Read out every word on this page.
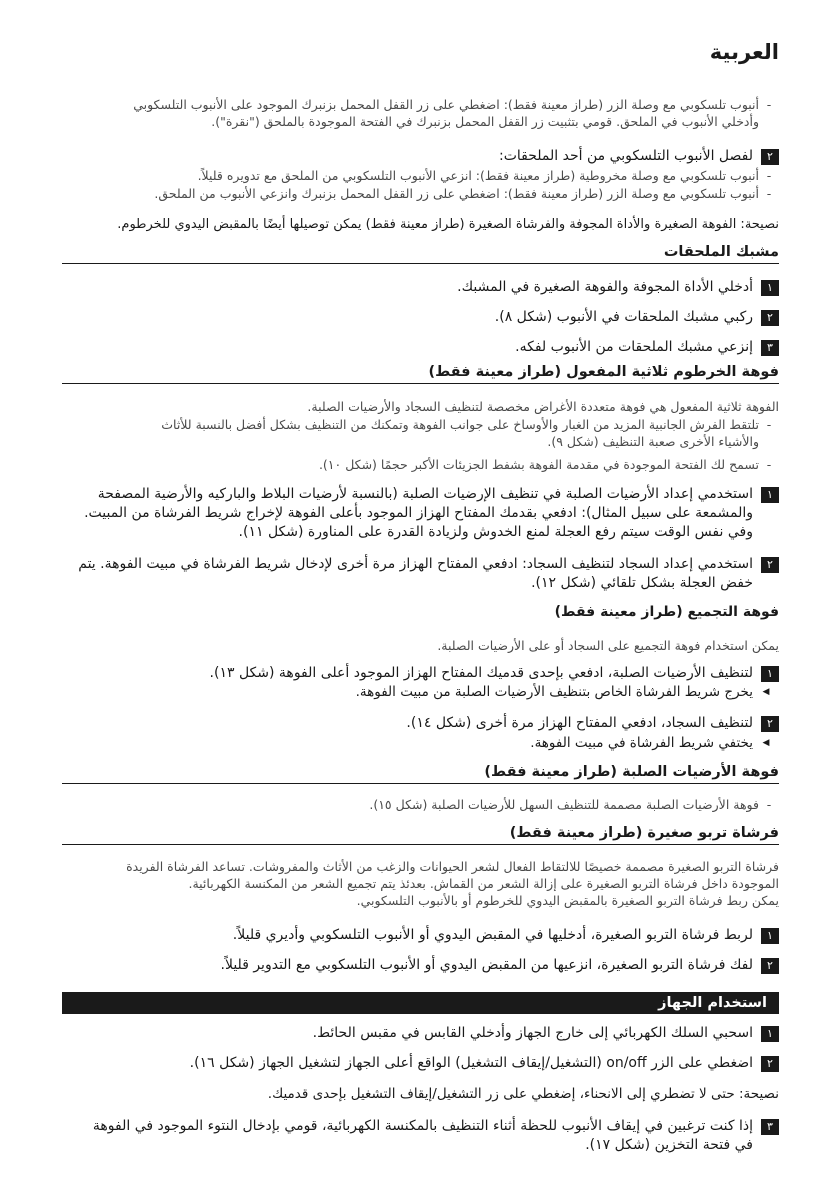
العربية
-
أنبوب تلسكوبي مع وصلة الزر (طراز معينة فقط): اضغطي على زر القفل المحمل بزنبرك الموجود على الأنبوب التلسكوبي
وأدخلي الأنبوب في الملحق. قومي بتثبيت زر القفل المحمل بزنبرك في الفتحة الموجودة بالملحق ("نقرة").
٢
لفصل الأنبوب التلسكوبي من أحد الملحقات:
-
أنبوب تلسكوبي مع وصلة مخروطية (طراز معينة فقط): انزعي الأنبوب التلسكوبي من الملحق مع تدويره قليلاً.
-
أنبوب تلسكوبي مع وصلة الزر (طراز معينة فقط): اضغطي على زر القفل المحمل بزنبرك وانزعي الأنبوب من الملحق.

نصيحة: الفوهة الصغيرة والأداة المجوفة والفرشاة الصغيرة (طراز معينة فقط) يمكن توصيلها أيضًا بالمقبض اليدوي للخرطوم.

مشبك الملحقات
١
أدخلي الأداة المجوفة والفوهة الصغيرة في المشبك.
٢
ركبي مشبك الملحقات في الأنبوب (شكل ٨).
٣
إنزعي مشبك الملحقات من الأنبوب لفكه.
فوهة الخرطوم ثلاثية المفعول (طراز معينة فقط)

الفوهة ثلاثية المفعول هي فوهة متعددة الأغراض مخصصة لتنظيف السجاد والأرضيات الصلبة.

-
تلتقط الفرش الجانبية المزيد من الغبار والأوساخ على جوانب الفوهة وتمكنك من التنظيف بشكل أفضل بالنسبة للأثاث
والأشياء الأخرى صعبة التنظيف (شكل ٩).
-
تسمح لك الفتحة الموجودة في مقدمة الفوهة بشفط الجزيئات الأكبر حجمًا (شكل ١٠).
١
استخدمي إعداد الأرضيات الصلبة في تنظيف الإرضيات الصلبة (بالنسبة لأرضيات البلاط والباركيه والأرضية المصفحة
والمشمعة على سبيل المثال): ادفعي بقدمك المفتاح الهزاز الموجود بأعلى الفوهة لإخراج شريط الفرشاة من المبيت.
وفي نفس الوقت سيتم رفع العجلة لمنع الخدوش ولزيادة القدرة على المناورة (شكل ١١).
٢
استخدمي إعداد السجاد لتنظيف السجاد: ادفعي المفتاح الهزاز مرة أخرى لإدخال شريط الفرشاة في مبيت الفوهة. يتم
خفض العجلة بشكل تلقائي (شكل ١٢).
فوهة التجميع (طراز معينة فقط)

يمكن استخدام فوهة التجميع على السجاد أو على الأرضيات الصلبة.

١
لتنظيف الأرضيات الصلبة، ادفعي بإحدى قدميك المفتاح الهزاز الموجود أعلى الفوهة (شكل ١٣).
◀
يخرج شريط الفرشاة الخاص بتنظيف الأرضيات الصلبة من مبيت الفوهة.
٢
لتنظيف السجاد، ادفعي المفتاح الهزاز مرة أخرى (شكل ١٤).
◀
يختفي شريط الفرشاة في مبيت الفوهة.
فوهة الأرضيات الصلبة (طراز معينة فقط)
-
فوهة الأرضيات الصلبة مصممة للتنظيف السهل للأرضيات الصلبة (شكل ١٥).
فرشاة تربو صغيرة (طراز معينة فقط)
فرشاة التربو الصغيرة مصممة خصيصًا للالتقاط الفعال لشعر الحيوانات والزغب من الأثاث والمفروشات. تساعد الفرشاة الفريدة
الموجودة داخل فرشاة التربو الصغيرة على إزالة الشعر من القماش. بعدئذ يتم تجميع الشعر من المكنسة الكهربائية.
يمكن ربط فرشاة التربو الصغيرة بالمقبض اليدوي للخرطوم أو بالأنبوب التلسكوبي.
١
لربط فرشاة التربو الصغيرة، أدخليها في المقبض اليدوي أو الأنبوب التلسكوبي وأديري قليلاً.
٢
لفك فرشاة التربو الصغيرة، انزعيها من المقبض اليدوي أو الأنبوب التلسكوبي مع التدوير قليلاً.
استخدام الجهاز
١
اسحبي السلك الكهربائي إلى خارج الجهاز وأدخلي القابس في مقبس الحائط.
٢
اضغطي على الزر on/off (التشغيل/إيقاف التشغيل) الواقع أعلى الجهاز لتشغيل الجهاز (شكل ١٦).

نصيحة: حتى لا تضطري إلى الانحناء، إضغطي على زر التشغيل/إيقاف التشغيل بإحدى قدميك.

٣
إذا كنت ترغبين في إيقاف الأنبوب للحظة أثناء التنظيف بالمكنسة الكهربائية، قومي بإدخال النتوء الموجود في الفوهة
في فتحة التخزين (شكل ١٧).
